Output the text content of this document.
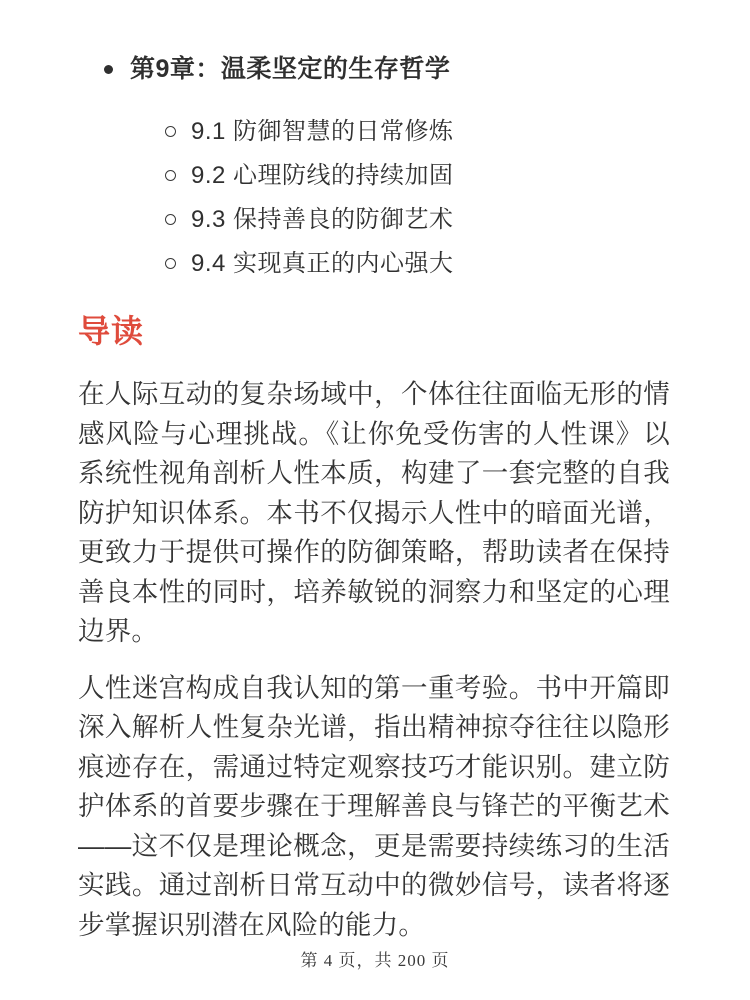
第9章：温柔坚定的生存哲学
9.1 防御智慧的日常修炼
9.2 心理防线的持续加固
9.3 保持善良的防御艺术
9.4 实现真正的内心强大
导读

在人际互动的复杂场域中，个体往往面临无形的情感风险与心理挑战。《让你免受伤害的人性课》以系统性视角剖析人性本质，构建了一套完整的自我防护知识体系。本书不仅揭示人性中的暗面光谱，更致力于提供可操作的防御策略，帮助读者在保持善良本性的同时，培养敏锐的洞察力和坚定的心理边界。

人性迷宫构成自我认知的第一重考验。书中开篇即深入解析人性复杂光谱，指出精神掠夺往往以隐形痕迹存在，需通过特定观察技巧才能识别。建立防护体系的首要步骤在于理解善良与锋芒的平衡艺术——这不仅是理论概念，更是需要持续练习的生活实践。通过剖析日常互动中的微妙信号，读者将逐步掌握识别潜在风险的能力。

第 4 页，共 200 页
